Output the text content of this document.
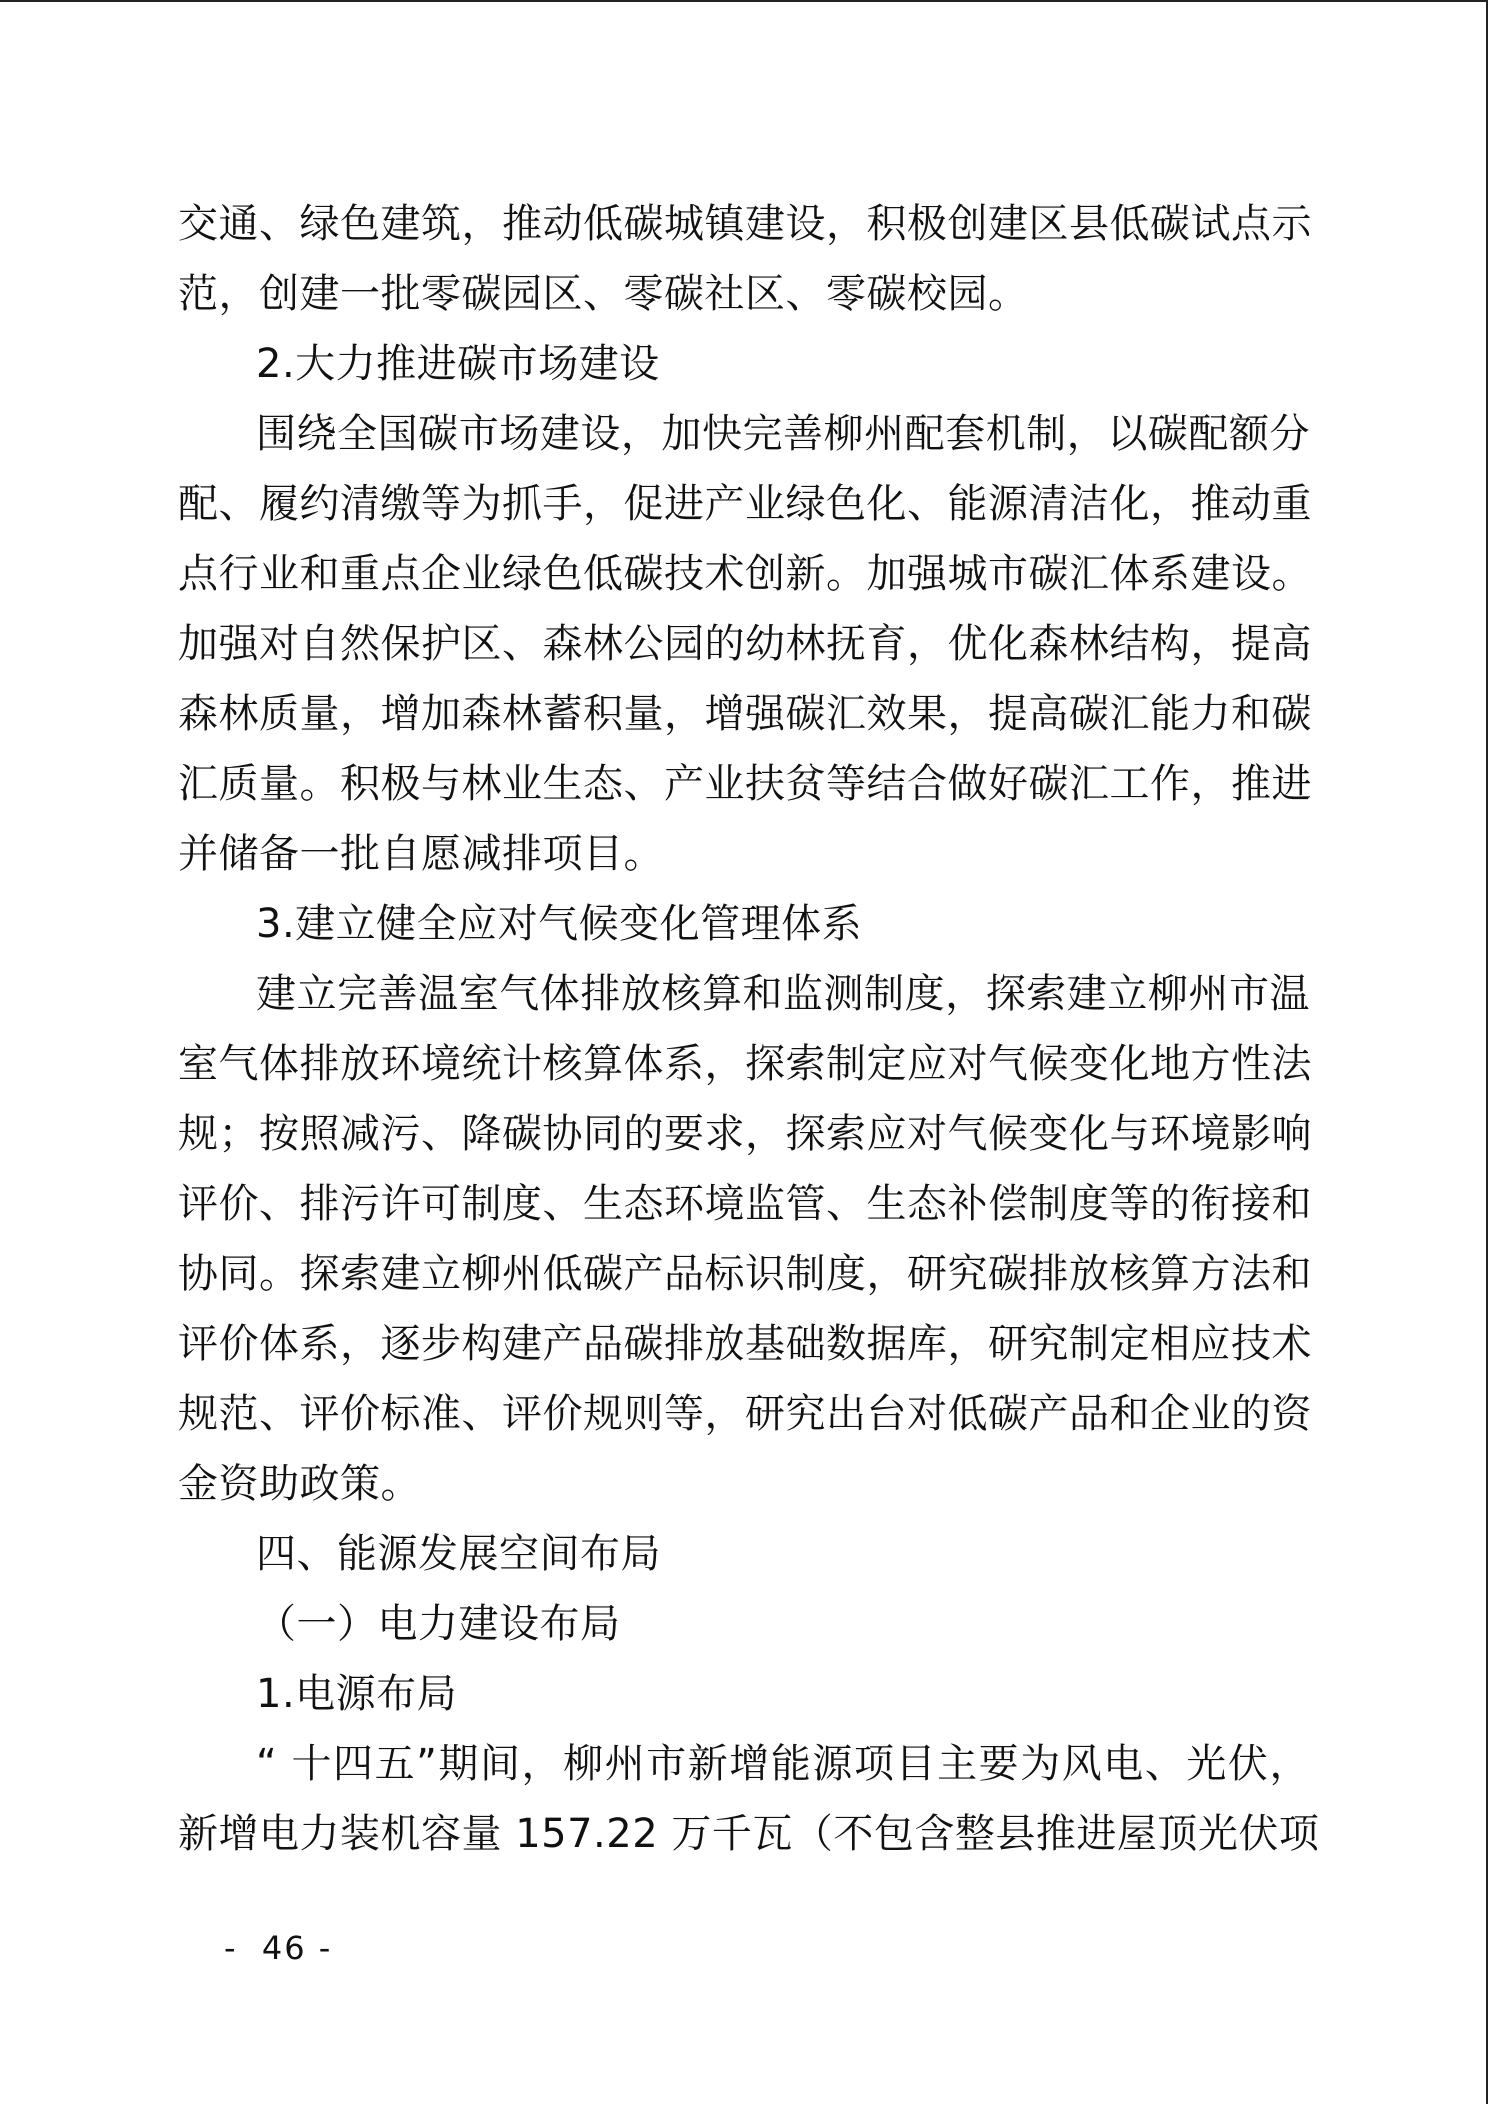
交通、绿色建筑，推动低碳城镇建设，积极创建区县低碳试点示
范，创建一批零碳园区、零碳社区、零碳校园。
2.大力推进碳市场建设
围绕全国碳市场建设，加快完善柳州配套机制，以碳配额分
配、履约清缴等为抓手，促进产业绿色化、能源清洁化，推动重
点行业和重点企业绿色低碳技术创新。加强城市碳汇体系建设。
加强对自然保护区、森林公园的幼林抚育，优化森林结构，提高
森林质量，增加森林蓄积量，增强碳汇效果，提高碳汇能力和碳
汇质量。积极与林业生态、产业扶贫等结合做好碳汇工作，推进
并储备一批自愿减排项目。
3.建立健全应对气候变化管理体系
建立完善温室气体排放核算和监测制度，探索建立柳州市温
室气体排放环境统计核算体系，探索制定应对气候变化地方性法
规；按照减污、降碳协同的要求，探索应对气候变化与环境影响
评价、排污许可制度、生态环境监管、生态补偿制度等的衔接和
协同。探索建立柳州低碳产品标识制度，研究碳排放核算方法和
评价体系，逐步构建产品碳排放基础数据库，研究制定相应技术
规范、评价标准、评价规则等，研究出台对低碳产品和企业的资
金资助政策。
四、能源发展空间布局
（一）电力建设布局
1.电源布局
“ 十四五”期间，柳州市新增能源项目主要为风电、光伏，
新增电力装机容量 157.22 万千瓦（不包含整县推进屋顶光伏项
-  46 -
